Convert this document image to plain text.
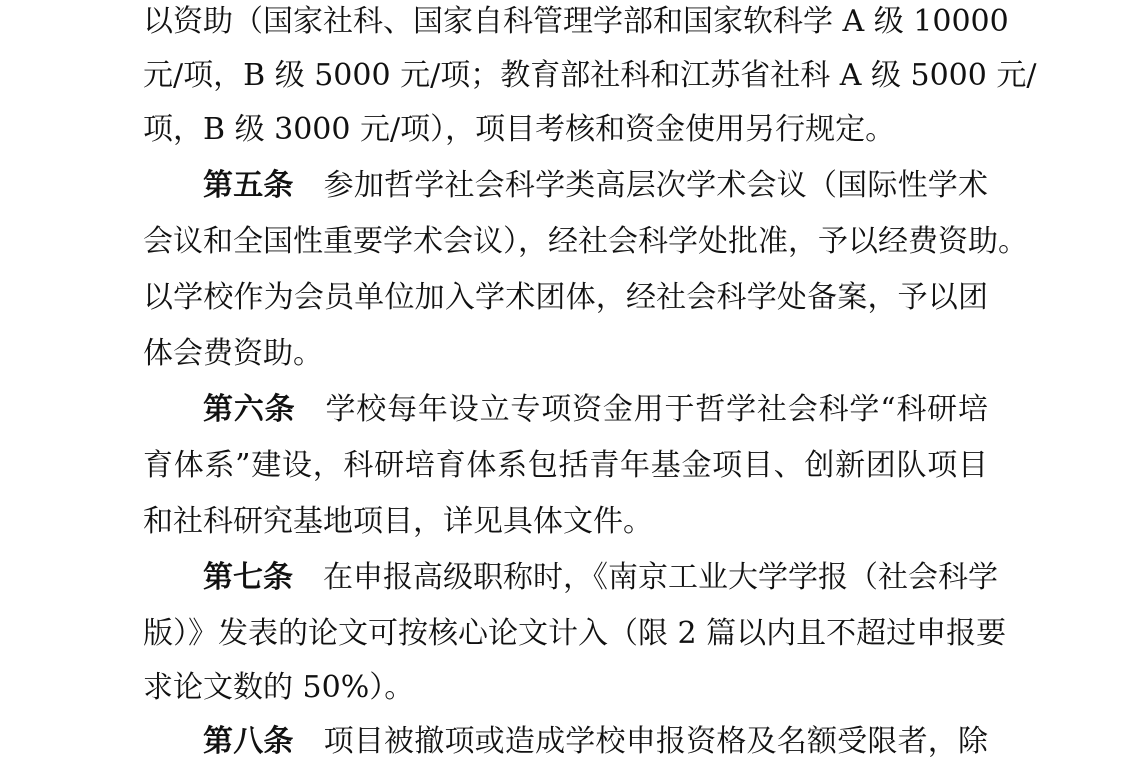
以资助（国家社科、国家自科管理学部和国家软科学 A 级 10000
元/项，B 级 5000 元/项；教育部社科和江苏省社科 A 级 5000 元/
项，B 级 3000 元/项），项目考核和资金使用另行规定。
第五条 参加哲学社会科学类高层次学术会议（国际性学术
会议和全国性重要学术会议），经社会科学处批准，予以经费资助。
以学校作为会员单位加入学术团体，经社会科学处备案，予以团
体会费资助。
第六条 学校每年设立专项资金用于哲学社会科学“科研培
育体系”建设，科研培育体系包括青年基金项目、创新团队项目
和社科研究基地项目，详见具体文件。
第七条 在申报高级职称时，《南京工业大学学报（社会科学
版）》发表的论文可按核心论文计入（限 2 篇以内且不超过申报要
求论文数的 50%）。
第八条 项目被撤项或造成学校申报资格及名额受限者，除
